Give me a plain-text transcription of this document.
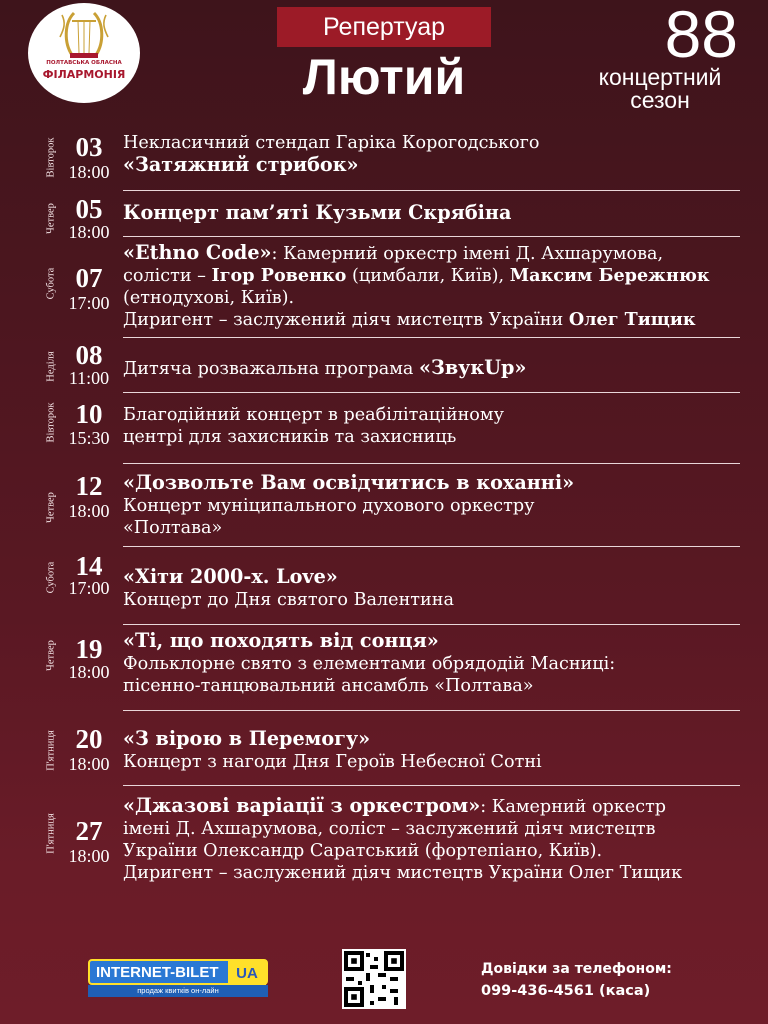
ПОЛТАВСЬКА ОБЛАСНА
ФІЛАРМОНІЯ
Репертуар
Лютий
88
концертний
сезон
Вівторок 03
18:00
Некласичний стендап Гаріка Корогодського
«Затяжний стрибок»
Четвер 05
18:00
Концерт пам’яті Кузьми Скрябіна
Субота 07
17:00
«Ethno Code»: Камерний оркестр імені Д. Ахшарумова,
солісти – Ігор Ровенко (цимбали, Київ), Максим Бережнюк
(етнодухові, Київ).
Диригент – заслужений діяч мистецтв України Олег Тищик
Неділя 08
11:00 Дитяча розважальна програма «ЗвукUp»
Вівторок 10
15:30
Благодійний концерт в реабілітаційному
центрі для захисників та захисниць
Четвер
12
18:00
«Дозвольте Вам освідчитись в коханні»
Концерт муніципального духового оркестру
«Полтава»
Субота 14
17:00 «Хіти 2000-х. Love»
Концерт до Дня святого Валентина
Четвер 19
18:00
«Ті, що походять від сонця»
Фольклорне свято з елементами обрядодій Масниці:
пісенно-танцювальний ансамбль «Полтава»
П'ятниця 20
18:00
«З вірою в Перемогу»
Концерт з нагоди Дня Героїв Небесної Сотні
П'ятниця 27
18:00
«Джазові варіації з оркестром»: Камерний оркестр
імені Д. Ахшарумова, соліст – заслужений діяч мистецтв
України Олександр Саратський (фортепіано, Київ).
Диригент – заслужений діяч мистецтв України Олег Тищик
INTERNET-BILET	UA
продаж квитків он-лайн
Довідки за телефоном:
099-436-4561 (каса)
